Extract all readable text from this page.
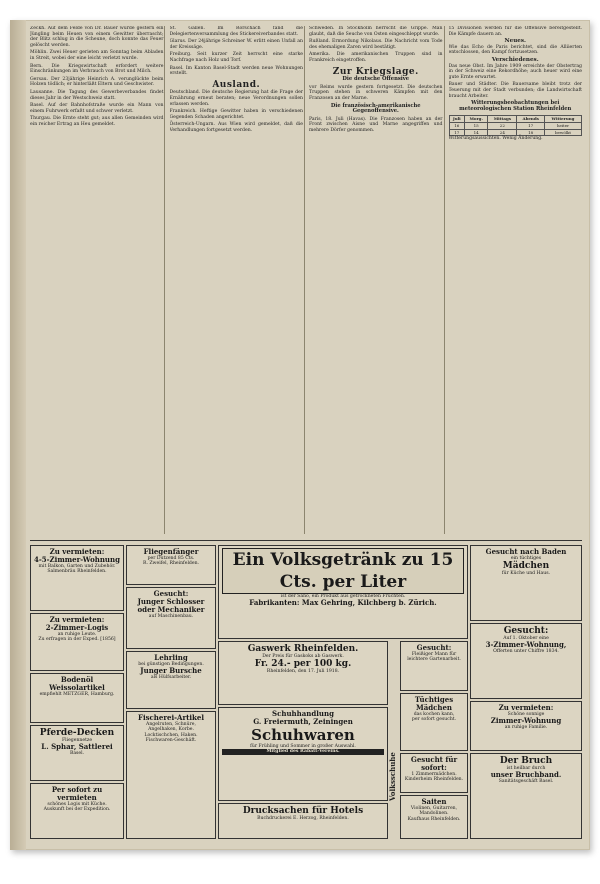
Zeckh. Auf dem Felde von Dr. Bauer wurde gestern ein Jüngling beim Heuen von einem Gewitter überrascht; der Blitz schlug in die Scheune, doch konnte das Feuer gelöscht werden.

Möhlin. Zwei Heuer gerieten am Sonntag beim Abladen in Streit, wobei der eine leicht verletzt wurde.

Bern. Die Kriegswirtschaft erfordert weitere Einschränkungen im Verbrauch von Brot und Milch.

Gersau. Der 23jährige Heinrich A. verunglückte beim Holzen tödlich; er hinterläßt Eltern und Geschwister.

Lausanne. Die Tagung des Gewerbeverbandes findet dieses Jahr in der Westschweiz statt.

Basel. Auf der Bahnhofstraße wurde ein Mann von einem Fuhrwerk erfaßt und schwer verletzt.

Thurgau. Die Ernte steht gut; aus allen Gemeinden wird ein reicher Ertrag an Heu gemeldet.

St. Gallen. Im Rorschach fand die Delegiertenversammlung des Stickereiverbandes statt.

Glarus. Der 24jährige Schreiner W. erlitt einen Unfall an der Kreissäge.

Freiburg. Seit kurzer Zeit herrscht eine starke Nachfrage nach Holz und Torf.

Basel. Im Kanton Basel-Stadt werden neue Wohnungen erstellt.

Ausland.

Deutschland. Die deutsche Regierung hat die Frage der Ernährung erneut beraten; neue Verordnungen sollen erlassen werden.

Frankreich. Heftige Gewitter haben in verschiedenen Gegenden Schaden angerichtet.

Österreich-Ungarn. Aus Wien wird gemeldet, daß die Verhandlungen fortgesetzt werden.

Schweden. In Stockholm herrscht die Grippe. Man glaubt, daß die Seuche von Osten eingeschleppt wurde.

Rußland. Ermordung Nikolaus. Die Nachricht vom Tode des ehemaligen Zaren wird bestätigt.

Amerika. Die amerikanischen Truppen sind in Frankreich eingetroffen.

Zur Kriegslage.
Die deutsche Offensive

vor Reims wurde gestern fortgesetzt. Die deutschen Truppen stehen in schweren Kämpfen mit den Franzosen an der Marne.

Die französisch-amerikanische Gegenoffensive.

Paris, 18. Juli (Havas). Die Franzosen haben an der Front zwischen Aisne und Marne angegriffen und mehrere Dörfer genommen.

15 Divisionen werden für die Offensive bereitgestellt. Die Kämpfe dauern an.

Neues.

Wie das Echo de Paris berichtet, sind die Alliierten entschlossen, den Kampf fortzusetzen.

Verschiedenes.

Das neue Obst. Im Jahre 1909 erreichte der Obstertrag in der Schweiz eine Rekordhöhe; auch heuer wird eine gute Ernte erwartet.

Bauer und Städter. Die Bauersame bleibt trotz der Teuerung mit der Stadt verbunden; die Landwirtschaft braucht Arbeiter.

Witterungsbeobachtungen bei meteorologischen Station Rheinfelden
Juli	Morg.	Mittags	Abends	Witterung
16	15	22	17	heiter
17	14	24	18	bewölkt

Witterungsaussichten. Wenig Änderung.

Zu vermieten:
4-5-Zimmer-Wohnung
mit Balkon, Garten und Zubehör.
Salmenbräu Rheinfelden.
Zu vermieten:
2-Zimmer-Logis
an ruhige Leute.
Zu erfragen in der Exped. [1856]
Bodenöl Weissolartikel
empfiehlt METZGER, Hamburg.
Pferde-Decken
Fliegennetze
L. Sphar, Sattlerei
Basel.
Per sofort zu vermieten
schönes Logis mit Küche.
Auskunft bei der Expedition.
Fliegenfänger
per Dutzend 85 Cts.
R. Zweifel, Rheinfelden.
Gesucht:
Junger Schlosser
oder Mechaniker
auf Maschinenbau.
Lehrling
bei günstigen Bedingungen.
Junger Bursche
als Hülfsarbeiter.
Fischerei-Artikel
Angelruten, Schnüre,
Angelhaken, Korbe.
Locktischchen, Haken.
Fischwaren-Geschäft.
Ein Volksgetränk zu 15 Cts. per Liter
ist der Sano, ein Produkt aus getrockneten Früchten.
Fabrikanten: Max Gehring, Kilchberg b. Zürich.
Gaswerk Rheinfelden.
Der Preis für Gaskoks ab Gaswerk.
Fr. 24.- per 100 kg.
Rheinfelden, den 17. Juli 1918.
Schuhhandlung
G. Freiermuth, Zeiningen
Schuhwaren
für Frühling und Sommer in großer Auswahl.
Mitglied des Rabatt-Vereins.
Drucksachen für Hotels
Buchdruckerei E. Herzog, Rheinfelden.
Volksschuhe
Gesucht:
Fleißiger Mann für
leichtere Gartenarbeit.
Tüchtiges Mädchen
das kochen kann,
per sofort gesucht.
Gesucht für sofort:
1 Zimmermädchen.
Kinderheim Rheinfelden.
Saiten
Violinen, Guitarren, Mandolinen.
Kaufhaus Rheinfelden.
Gesucht nach Baden
ein tüchtiges
Mädchen
für Küche und Haus.
Gesucht:
Auf 1. Oktober eine
3-Zimmer-Wohnung,
Offerten unter Chiffre 1834.
Zu vermieten:
Schöne sonnige
Zimmer-Wohnung
an ruhige Familie.
Der Bruch
ist heilbar durch
unser Bruchband.
Sanitätsgeschäft Basel.
